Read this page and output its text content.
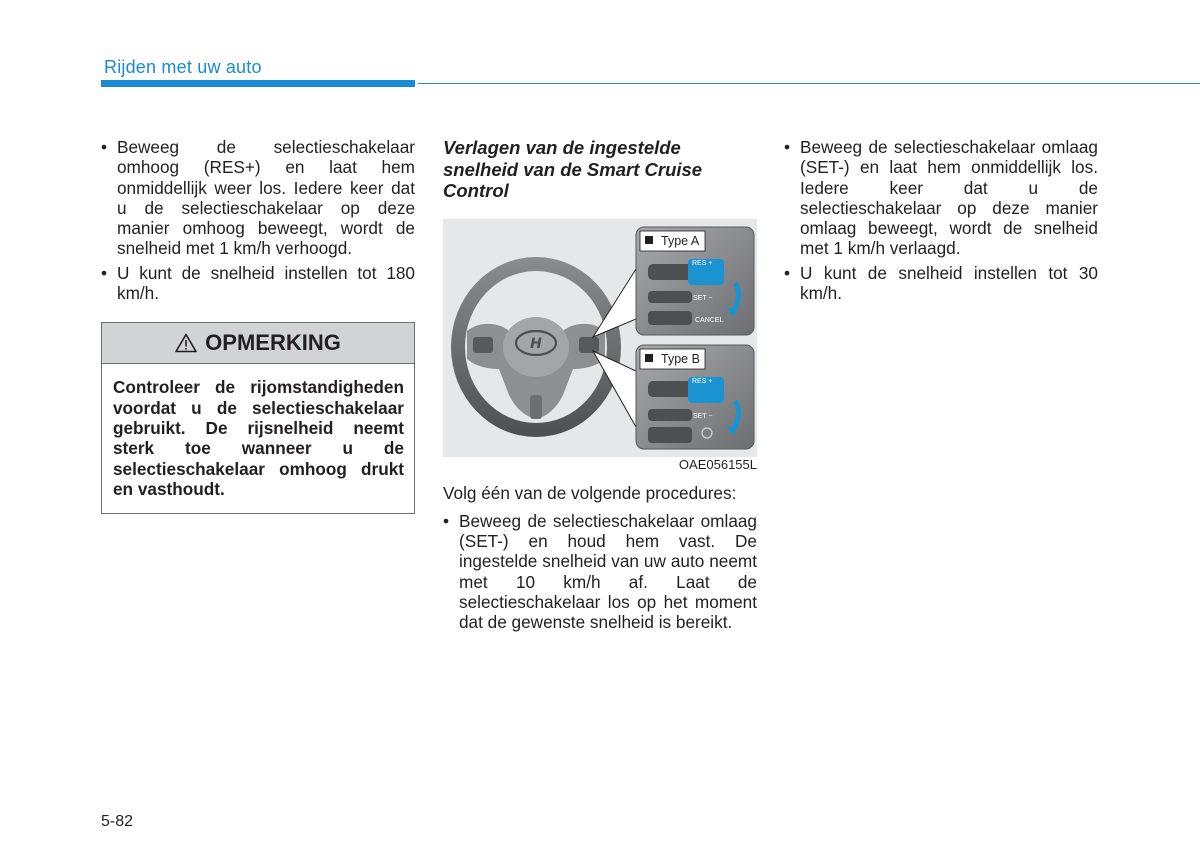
Rijden met uw auto
• Beweeg de selectieschakelaar omhoog (RES+) en laat hem onmiddellijk weer los. Iedere keer dat u de selectieschakelaar op deze manier omhoog beweegt, wordt de snelheid met 1 km/h verhoogd.
• U kunt de snelheid instellen tot 180 km/h.
OPMERKING
Controleer de rijomstandigheden voordat u de selectieschakelaar gebruikt. De rijsnelheid neemt sterk toe wanneer u de selectieschakelaar omhoog drukt en vasthoudt.
Verlagen van de ingestelde snelheid van de Smart Cruise Control
H
Type A
RES +
SET −
CANCEL
Type B
RES +
SET −
OAE056155L
Volg één van de volgende procedures:
• Beweeg de selectieschakelaar omlaag (SET-) en houd hem vast. De ingestelde snelheid van uw auto neemt met 10 km/h af. Laat de selectieschakelaar los op het moment dat de gewenste snelheid is bereikt.
• Beweeg de selectieschakelaar omlaag (SET-) en laat hem onmiddellijk los. Iedere keer dat u de selectieschakelaar op deze manier omlaag beweegt, wordt de snelheid met 1 km/h verlaagd.
• U kunt de snelheid instellen tot 30 km/h.
5-82
